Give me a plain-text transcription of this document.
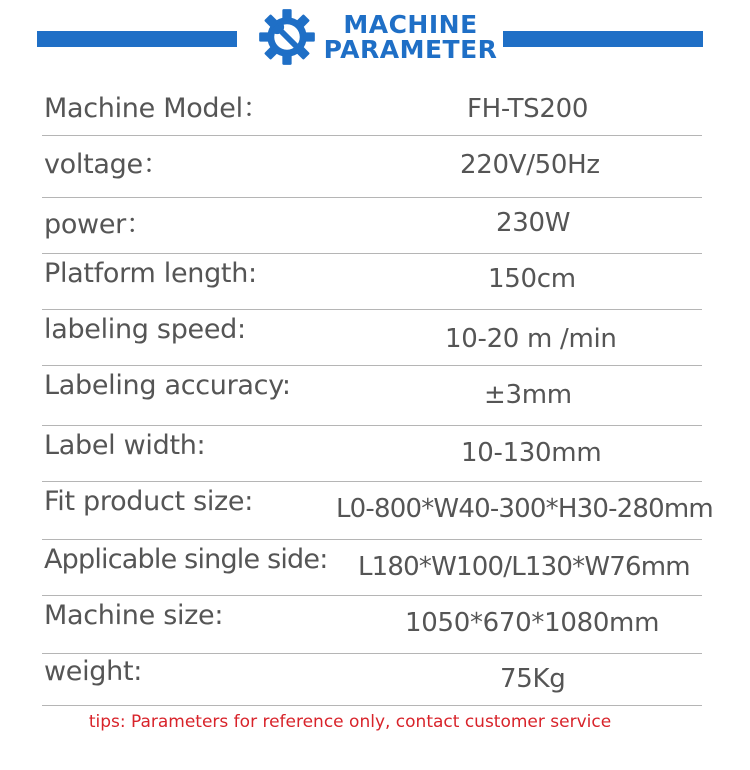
MACHINE
PARAMETER
Machine Model：	FH-TS200
voltage：	220V/50Hz
power：	230W
Platform length:	150cm
labeling speed:	10-20 m /min
Labeling accuracy:	±3mm
Label width:	10-130mm
Fit product size:	L0-800*W40-300*H30-280mm
Applicable single side: L180*W100/L130*W76mm
Machine size:	1050*670*1080mm
weight:	75Kg
tips: Parameters for reference only, contact customer service
